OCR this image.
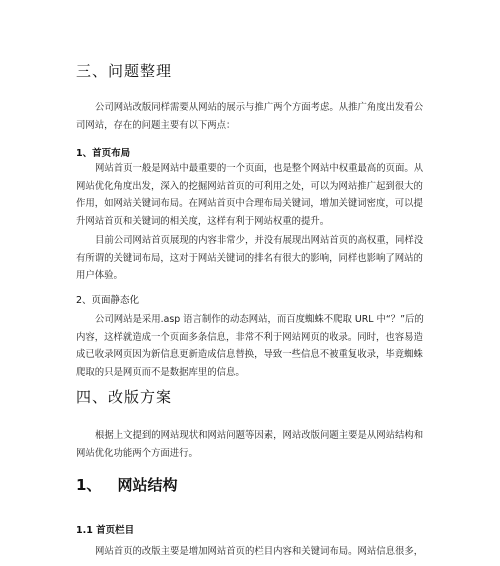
三、问题整理
公司网站改版同样需要从网站的展示与推广两个方面考虑。从推广角度出发看公
司网站，存在的问题主要有以下两点：
1、首页布局
网站首页一般是网站中最重要的一个页面，也是整个网站中权重最高的页面。从
网站优化角度出发，深入的挖掘网站首页的可利用之处，可以为网站推广起到很大的
作用，如网站关键词布局。在网站首页中合理布局关键词，增加关键词密度，可以提
升网站首页和关键词的相关度，这样有利于网站权重的提升。
目前公司网站首页展现的内容非常少，并没有展现出网站首页的高权重，同样没
有所谓的关键词布局，这对于网站关键词的排名有很大的影响，同样也影响了网站的
用户体验。
2、页面静态化
公司网站是采用.asp 语言制作的动态网站，而百度蜘蛛不爬取 URL 中“？”后的
内容，这样就造成一个页面多条信息，非常不利于网站网页的收录。同时，也容易造
成已收录网页因为新信息更新造成信息替换，导致一些信息不被重复收录，毕竟蜘蛛
爬取的只是网页而不是数据库里的信息。
四、改版方案
根据上文提到的网站现状和网站问题等因素，网站改版问题主要是从网站结构和
网站优化功能两个方面进行。
1、 网站结构
1.1 首页栏目
网站首页的改版主要是增加网站首页的栏目内容和关键词布局。网站信息很多，
